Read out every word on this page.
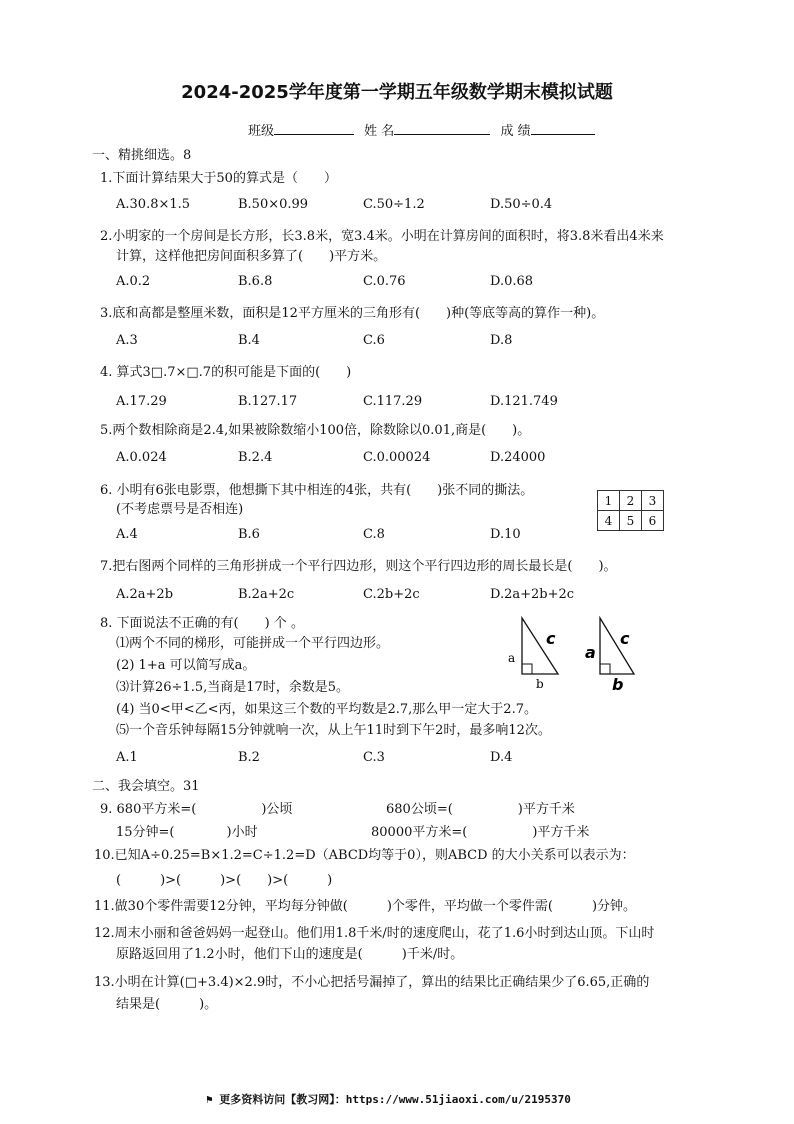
2024-2025学年度第一学期五年级数学期末模拟试题
班级	姓 名	成 绩
一、精挑细选。8
1.下面计算结果大于50的算式是（　　）
A.30.8×1.5	B.50×0.99	C.50÷1.2	D.50÷0.4
2.小明家的一个房间是长方形，长3.8米，宽3.4米。小明在计算房间的面积时，将3.8米看出4米来
计算，这样他把房间面积多算了(　　)平方米。
A.0.2	B.6.8	C.0.76	D.0.68
3.底和高都是整厘米数，面积是12平方厘米的三角形有(　　)种(等底等高的算作一种)。
A.3	B.4	C.6	D.8
4. 算式3□.7×□.7的积可能是下面的(　　)
A.17.29	B.127.17	C.117.29	D.121.749
5.两个数相除商是2.4,如果被除数缩小100倍，除数除以0.01,商是(　　)。
A.0.024	B.2.4	C.0.00024	D.24000
6. 小明有6张电影票，他想撕下其中相连的4张，共有(　　)张不同的撕法。
(不考虑票号是否相连)
1	2	3
4	5	6
A.4	B.6	C.8	D.10
7.把右图两个同样的三角形拼成一个平行四边形，则这个平行四边形的周长最长是(　　)。
A.2a+2b	B.2a+2c	C.2b+2c	D.2a+2b+2c
8. 下面说法不正确的有(　　) 个 。
⑴两个不同的梯形，可能拼成一个平行四边形。
(2) 1+a 可以简写成a。
⑶计算26÷1.5,当商是17时，余数是5。
(4) 当0<甲<乙<丙，如果这三个数的平均数是2.7,那么甲一定大于2.7。
⑸一个音乐钟每隔15分钟就响一次，从上午11时到下午2时，最多响12次。
A.1	B.2	C.3	D.4
a
b
c
a
b
c
二、我会填空。31
9. 680平方米=(　　　　　)公顷	680公顷=(　　　　　)平方千米
15分钟=(　　　　)小时	80000平方米=(　　　　　)平方千米
10.已知A÷0.25=B×1.2=C÷1.2=D（ABCD均等于0），则ABCD 的大小关系可以表示为：
(　　　)>(　　　)>(　　)>(　　　)
11.做30个零件需要12分钟，平均每分钟做(　　　)个零件，平均做一个零件需(　　　)分钟。
12.周末小丽和爸爸妈妈一起登山。他们用1.8千米/时的速度爬山，花了1.6小时到达山顶。下山时
原路返回用了1.2小时，他们下山的速度是(　　　)千米/时。
13.小明在计算(□+3.4)×2.9时，不小心把括号漏掉了，算出的结果比正确结果少了6.65,正确的
结果是(　　　)。
⚑ 更多资料访问【教习网】：https://www.51jiaoxi.com/u/2195370
